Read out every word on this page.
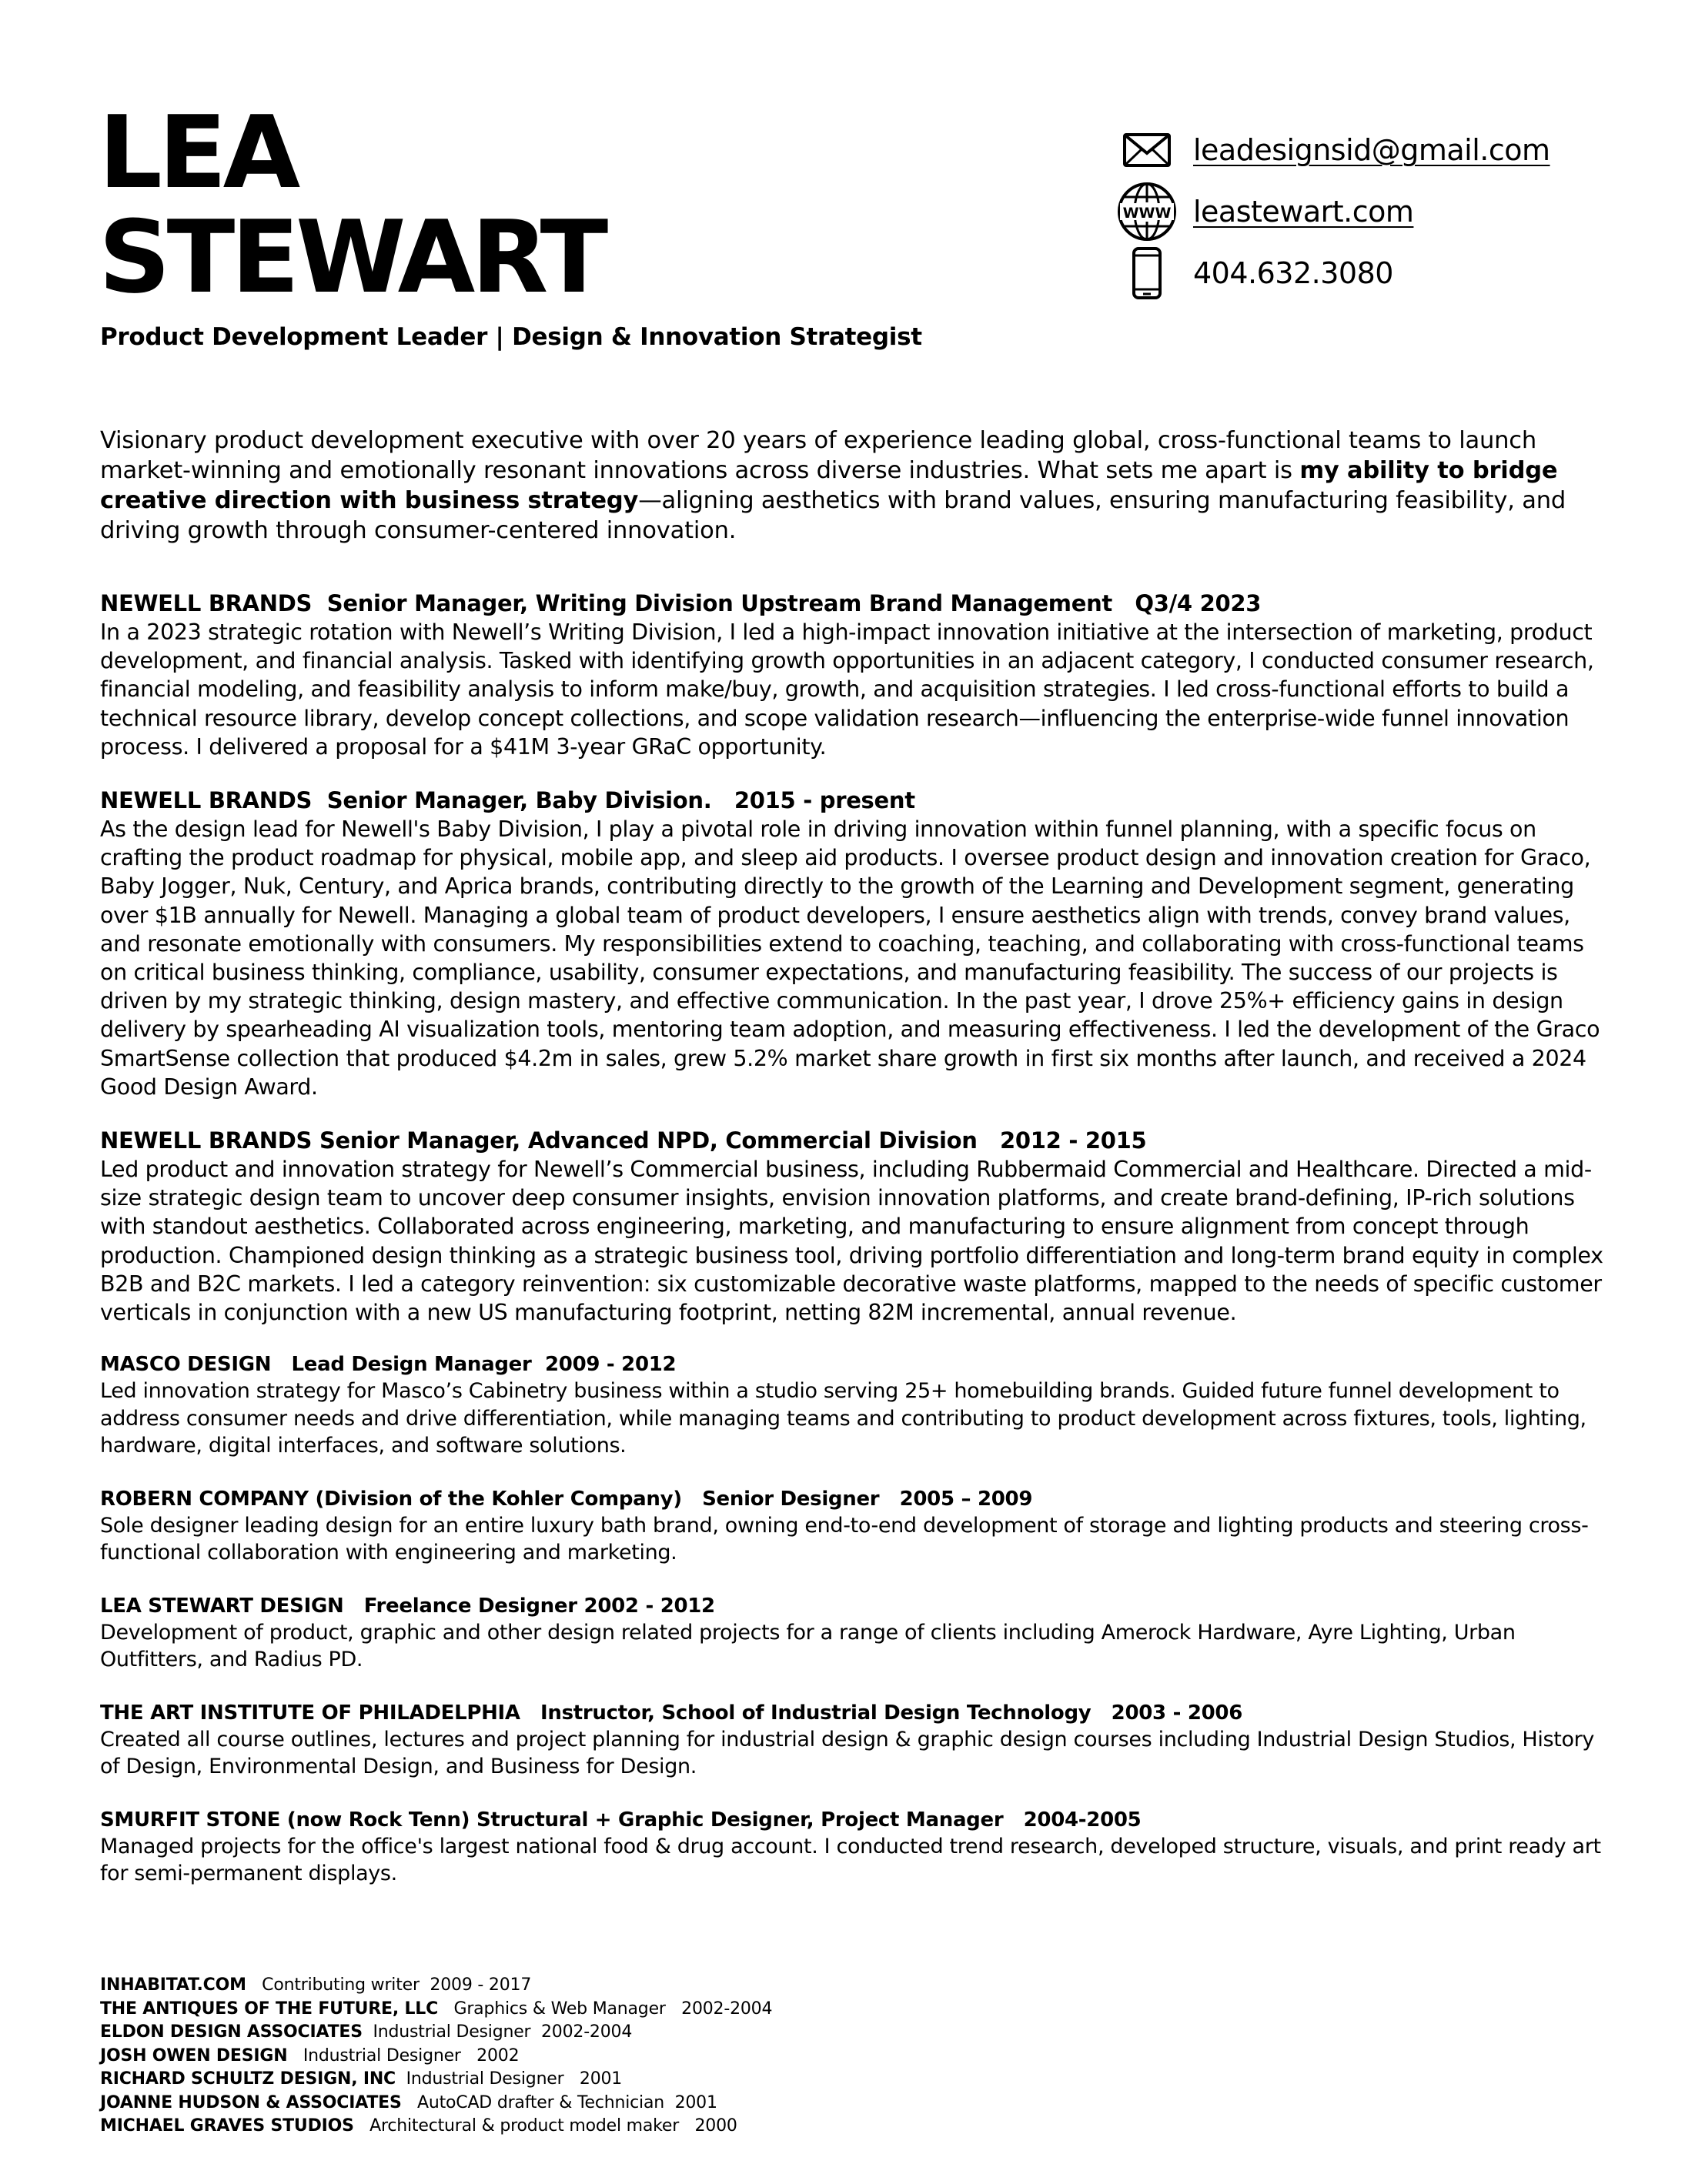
LEA
STEWART
Product Development Leader | Design & Innovation Strategist
leadesignsid@gmail.com
WWW leastewart.com
404.632.3080
Visionary product development executive with over 20 years of experience leading global, cross-functional teams to launch market-winning and emotionally resonant innovations across diverse industries. What sets me apart is my ability to bridge creative direction with business strategy—aligning aesthetics with brand values, ensuring manufacturing feasibility, and driving growth through consumer-centered innovation.
NEWELL BRANDS Senior Manager, Writing Division Upstream Brand Management Q3/4 2023
In a 2023 strategic rotation with Newell’s Writing Division, I led a high-impact innovation initiative at the intersection of marketing, product development, and financial analysis. Tasked with identifying growth opportunities in an adjacent category, I conducted consumer research, financial modeling, and feasibility analysis to inform make/buy, growth, and acquisition strategies. I led cross-functional efforts to build a technical resource library, develop concept collections, and scope validation research—influencing the enterprise-wide funnel innovation process. I delivered a proposal for a $41M 3-year GRaC opportunity.
NEWELL BRANDS Senior Manager, Baby Division. 2015 - present
As the design lead for Newell's Baby Division, I play a pivotal role in driving innovation within funnel planning, with a specific focus on crafting the product roadmap for physical, mobile app, and sleep aid products. I oversee product design and innovation creation for Graco, Baby Jogger, Nuk, Century, and Aprica brands, contributing directly to the growth of the Learning and Development segment, generating over $1B annually for Newell. Managing a global team of product developers, I ensure aesthetics align with trends, convey brand values, and resonate emotionally with consumers. My responsibilities extend to coaching, teaching, and collaborating with cross-functional teams on critical business thinking, compliance, usability, consumer expectations, and manufacturing feasibility. The success of our projects is driven by my strategic thinking, design mastery, and effective communication. In the past year, I drove 25%+ efficiency gains in design delivery by spearheading AI visualization tools, mentoring team adoption, and measuring effectiveness. I led the development of the Graco SmartSense collection that produced $4.2m in sales, grew 5.2% market share growth in first six months after launch, and received a 2024 Good Design Award.
NEWELL BRANDS Senior Manager, Advanced NPD, Commercial Division 2012 - 2015
Led product and innovation strategy for Newell’s Commercial business, including Rubbermaid Commercial and Healthcare. Directed a mid-size strategic design team to uncover deep consumer insights, envision innovation platforms, and create brand-defining, IP-rich solutions with standout aesthetics. Collaborated across engineering, marketing, and manufacturing to ensure alignment from concept through production. Championed design thinking as a strategic business tool, driving portfolio differentiation and long-term brand equity in complex B2B and B2C markets. I led a category reinvention: six customizable decorative waste platforms, mapped to the needs of specific customer verticals in conjunction with a new US manufacturing footprint, netting 82M incremental, annual revenue.
MASCO DESIGN Lead Design Manager 2009 - 2012
Led innovation strategy for Masco’s Cabinetry business within a studio serving 25+ homebuilding brands. Guided future funnel development to address consumer needs and drive differentiation, while managing teams and contributing to product development across fixtures, tools, lighting, hardware, digital interfaces, and software solutions.
ROBERN COMPANY (Division of the Kohler Company) Senior Designer 2005 – 2009
Sole designer leading design for an entire luxury bath brand, owning end-to-end development of storage and lighting products and steering cross-functional collaboration with engineering and marketing.
LEA STEWART DESIGN Freelance Designer 2002 - 2012
Development of product, graphic and other design related projects for a range of clients including Amerock Hardware, Ayre Lighting, Urban Outfitters, and Radius PD.
THE ART INSTITUTE OF PHILADELPHIA Instructor, School of Industrial Design Technology 2003 - 2006
Created all course outlines, lectures and project planning for industrial design & graphic design courses including Industrial Design Studios, History of Design, Environmental Design, and Business for Design.
SMURFIT STONE (now Rock Tenn) Structural + Graphic Designer, Project Manager 2004-2005
Managed projects for the office's largest national food & drug account. I conducted trend research, developed structure, visuals, and print ready art for semi-permanent displays.
INHABITAT.COM Contributing writer 2009 - 2017
THE ANTIQUES OF THE FUTURE, LLC Graphics & Web Manager 2002-2004
ELDON DESIGN ASSOCIATES Industrial Designer 2002-2004
JOSH OWEN DESIGN Industrial Designer 2002
RICHARD SCHULTZ DESIGN, INC Industrial Designer 2001
JOANNE HUDSON & ASSOCIATES AutoCAD drafter & Technician 2001
MICHAEL GRAVES STUDIOS Architectural & product model maker 2000
